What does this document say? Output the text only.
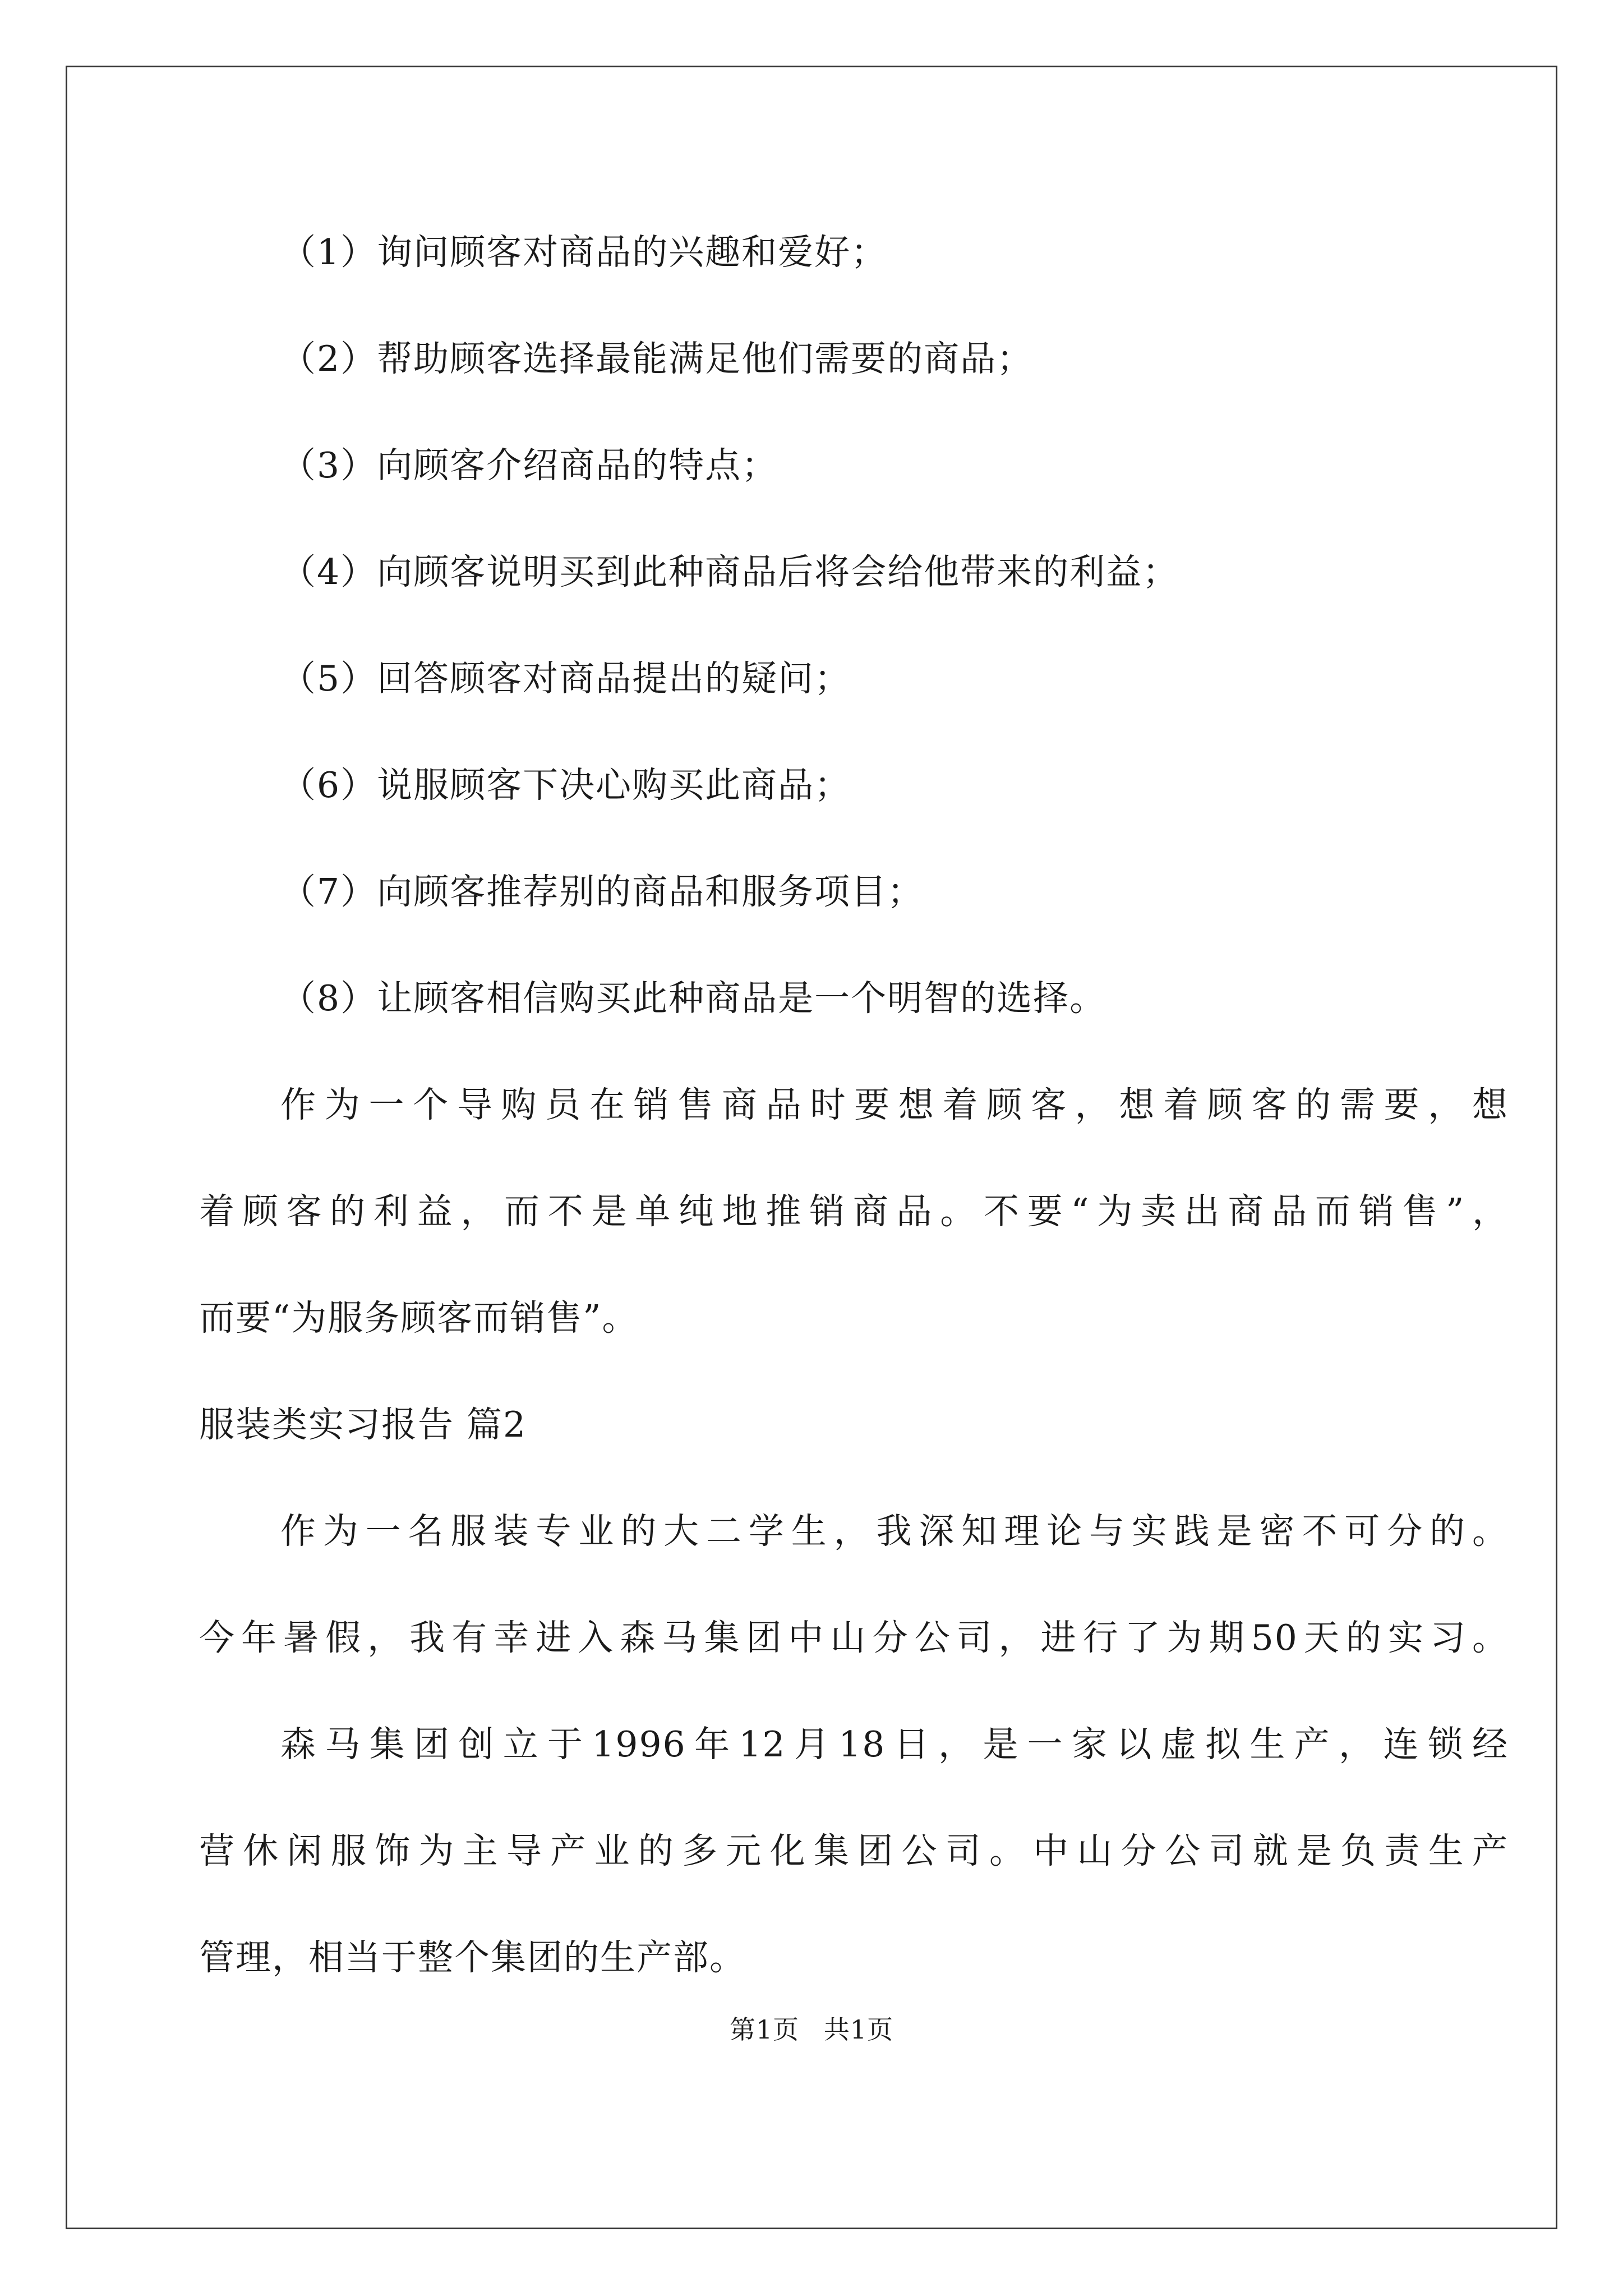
（1）询问顾客对商品的兴趣和爱好；
（2）帮助顾客选择最能满足他们需要的商品；
（3）向顾客介绍商品的特点；
（4）向顾客说明买到此种商品后将会给他带来的利益；
（5）回答顾客对商品提出的疑问；
（6）说服顾客下决心购买此商品；
（7）向顾客推荐别的商品和服务项目；
（8）让顾客相信购买此种商品是一个明智的选择。
作为一个导购员在销售商品时要想着顾客，想着顾客的需要，想
着顾客的利益，而不是单纯地推销商品。不要“为卖出商品而销售”，
而要“为服务顾客而销售”。
服装类实习报告 篇2
作为一名服装专业的大二学生，我深知理论与实践是密不可分的。
今年暑假，我有幸进入森马集团中山分公司，进行了为期50天的实习。
森马集团创立于1996年12月18日，是一家以虚拟生产，连锁经
营休闲服饰为主导产业的多元化集团公司。中山分公司就是负责生产
管理，相当于整个集团的生产部。
第1页 共1页
